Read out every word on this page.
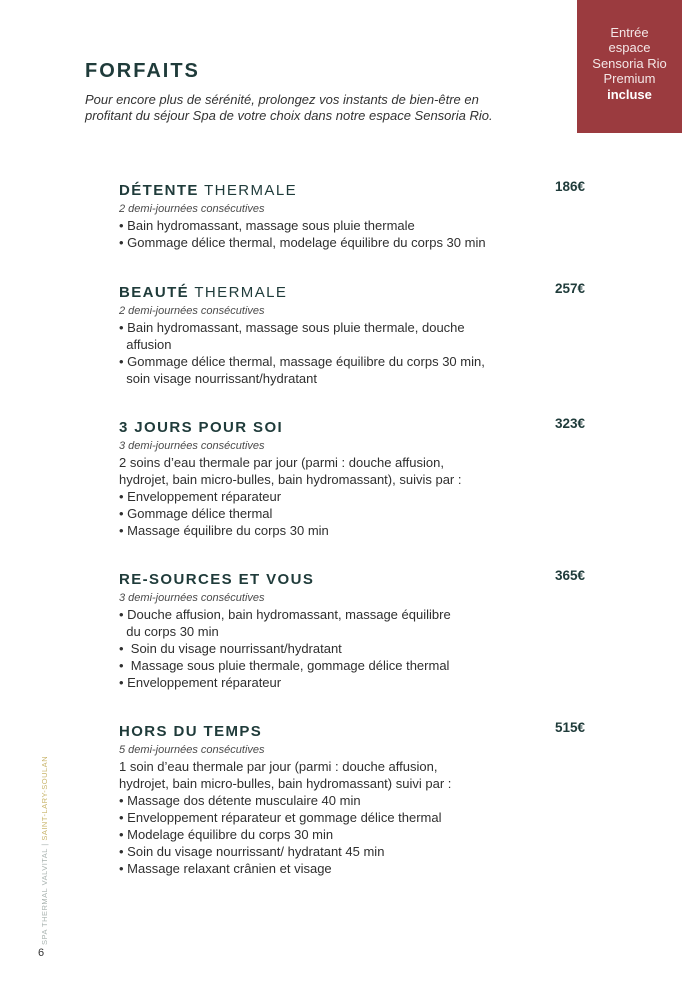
Entrée
espace
Sensoria Rio
Premium
incluse
FORFAITS

Pour encore plus de sérénité, prolongez vos instants de bien-être en
profitant du séjour Spa de votre choix dans notre espace Sensoria Rio.

DÉTENTE THERMALE	186€
2 demi-journées consécutives
• Bain hydromassant, massage sous pluie thermale
• Gommage délice thermal, modelage équilibre du corps 30 min
BEAUTÉ THERMALE	257€
2 demi-journées consécutives
• Bain hydromassant, massage sous pluie thermale, douche
affusion
• Gommage délice thermal, massage équilibre du corps 30 min,
soin visage nourrissant/hydratant
3 JOURS POUR SOI	323€
3 demi-journées consécutives
2 soins d’eau thermale par jour (parmi : douche affusion,
hydrojet, bain micro-bulles, bain hydromassant), suivis par :
• Enveloppement réparateur
• Gommage délice thermal
• Massage équilibre du corps 30 min
RE-SOURCES ET VOUS	365€
3 demi-journées consécutives
• Douche affusion, bain hydromassant, massage équilibre
du corps 30 min
•  Soin du visage nourrissant/hydratant
•  Massage sous pluie thermale, gommage délice thermal
• Enveloppement réparateur
HORS DU TEMPS	515€
5 demi-journées consécutives
1 soin d’eau thermale par jour (parmi : douche affusion,
hydrojet, bain micro-bulles, bain hydromassant) suivi par :
• Massage dos détente musculaire 40 min
• Enveloppement réparateur et gommage délice thermal
• Modelage équilibre du corps 30 min
• Soin du visage nourrissant/ hydratant 45 min
• Massage relaxant crânien et visage
SPA THERMAL VALVITAL | SAINT-LARY-SOULAN
6
